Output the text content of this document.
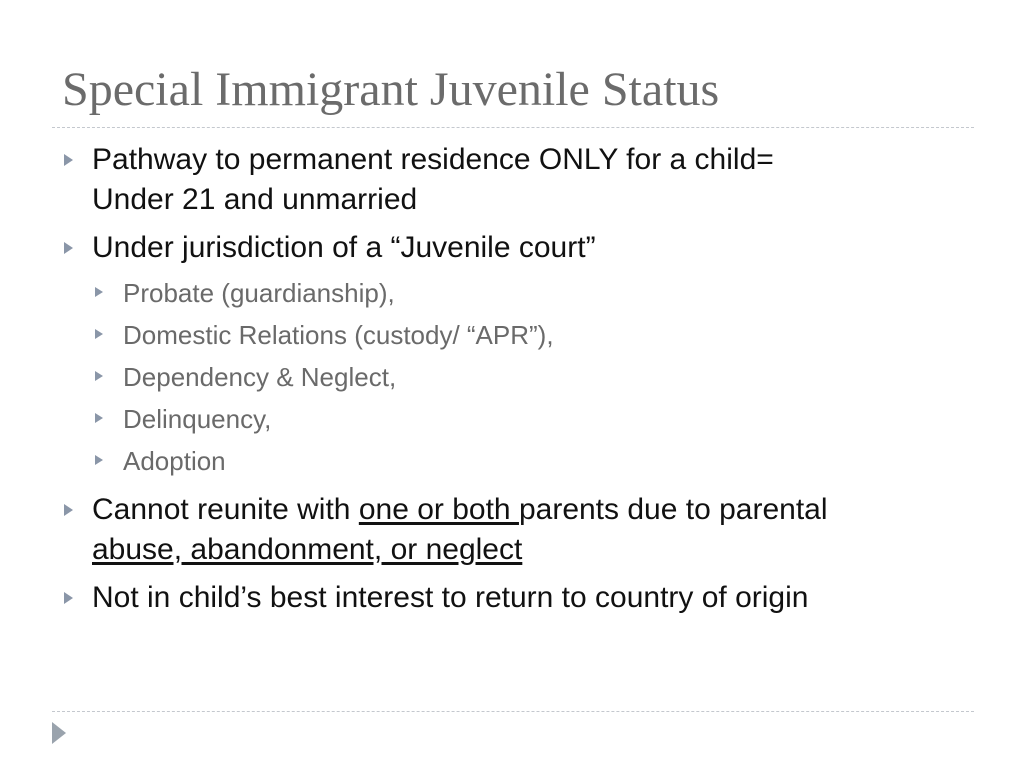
Special Immigrant Juvenile Status
Pathway to permanent residence ONLY for a child=
Under 21 and unmarried
Under jurisdiction of a “Juvenile court”
Probate (guardianship),
Domestic Relations (custody/ “APR”),
Dependency & Neglect,
Delinquency,
Adoption
Cannot reunite with one or both parents due to parental
abuse, abandonment, or neglect
Not in child’s best interest to return to country of origin
